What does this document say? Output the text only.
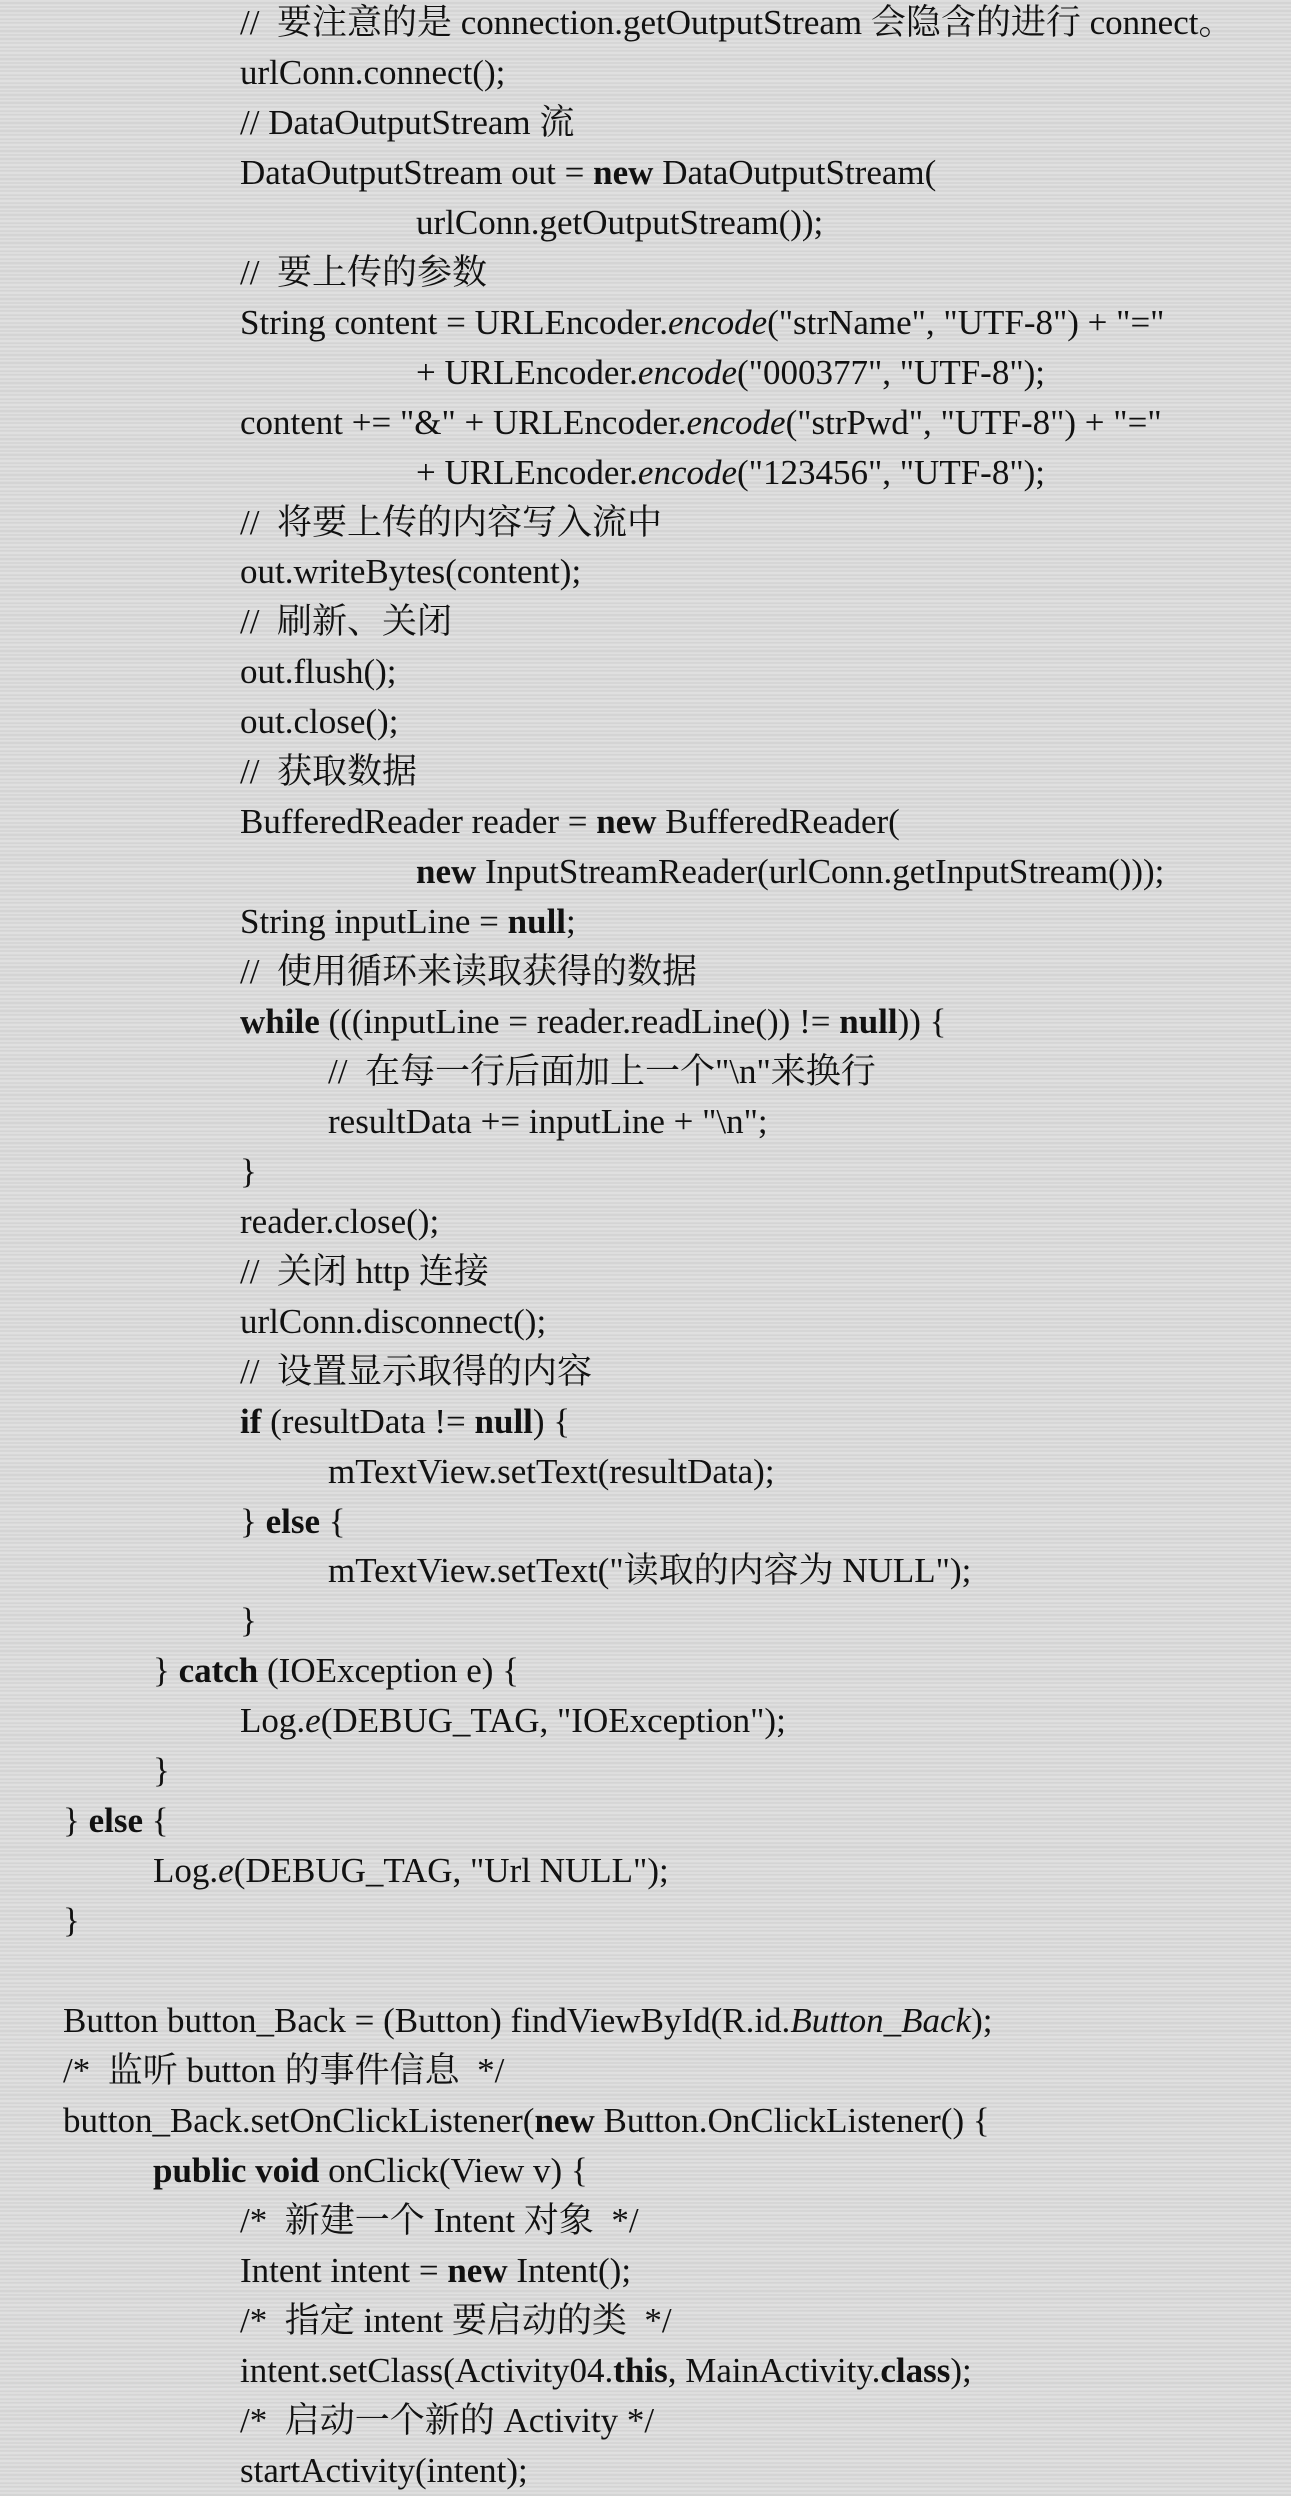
//  要注意的是 connection.getOutputStream 会隐含的进行 connect。
urlConn.connect();
// DataOutputStream 流
DataOutputStream out = new DataOutputStream(
urlConn.getOutputStream());
//  要上传的参数
String content = URLEncoder.encode("strName", "UTF-8") + "="
+ URLEncoder.encode("000377", "UTF-8");
content += "&" + URLEncoder.encode("strPwd", "UTF-8") + "="
+ URLEncoder.encode("123456", "UTF-8");
//  将要上传的内容写入流中
out.writeBytes(content);
//  刷新、关闭
out.flush();
out.close();
//  获取数据
BufferedReader reader = new BufferedReader(
new InputStreamReader(urlConn.getInputStream()));
String inputLine = null;
//  使用循环来读取获得的数据
while (((inputLine = reader.readLine()) != null)) {
//  在每一行后面加上一个"\n"来换行
resultData += inputLine + "\n";
}
reader.close();
//  关闭 http 连接
urlConn.disconnect();
//  设置显示取得的内容
if (resultData != null) {
mTextView.setText(resultData);
} else {
mTextView.setText("读取的内容为 NULL");
}
} catch (IOException e) {
Log.e(DEBUG_TAG, "IOException");
}
} else {
Log.e(DEBUG_TAG, "Url NULL");
}
Button button_Back = (Button) findViewById(R.id.Button_Back);
/*  监听 button 的事件信息  */
button_Back.setOnClickListener(new Button.OnClickListener() {
public void onClick(View v) {
/*  新建一个 Intent 对象  */
Intent intent = new Intent();
/*  指定 intent 要启动的类  */
intent.setClass(Activity04.this, MainActivity.class);
/*  启动一个新的 Activity */
startActivity(intent);
